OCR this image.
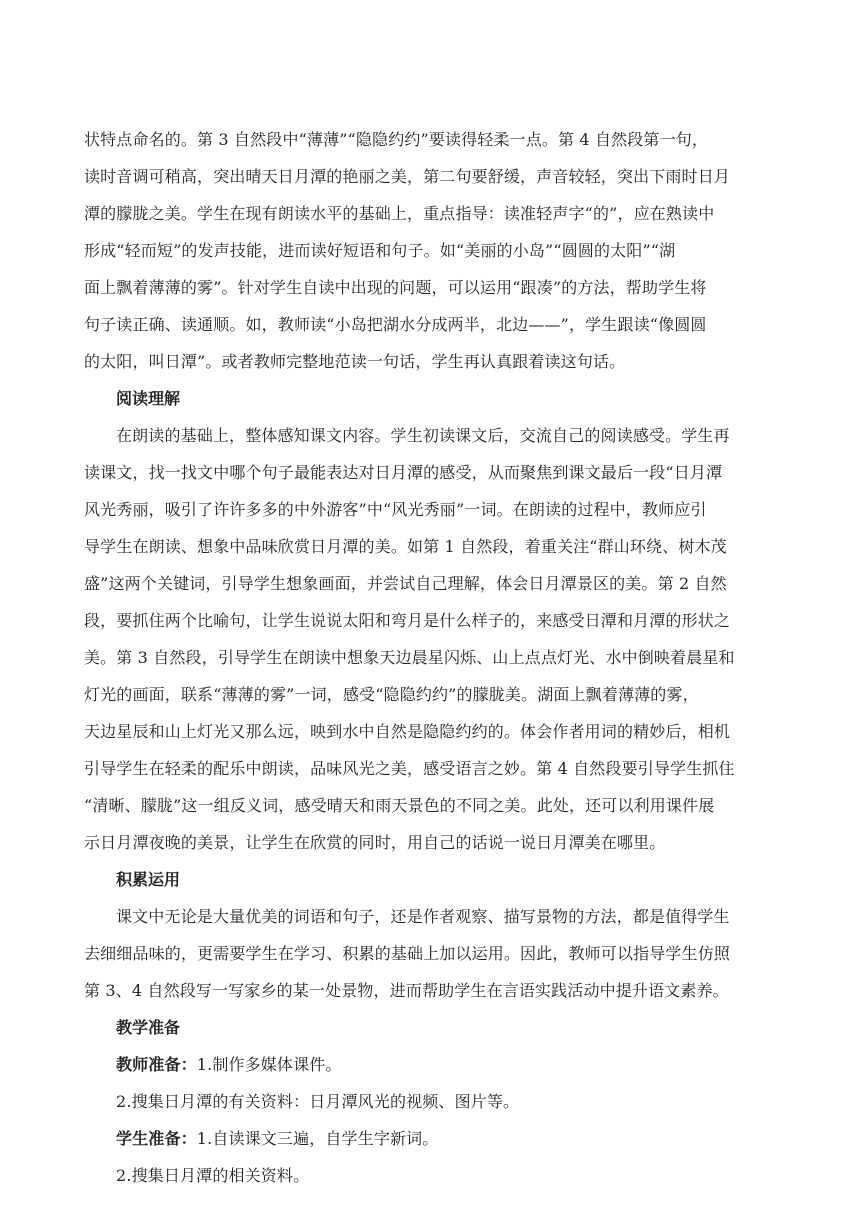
状特点命名的。第 3 自然段中“薄薄”“隐隐约约”要读得轻柔一点。第 4 自然段第一句，
读时音调可稍高，突出晴天日月潭的艳丽之美，第二句要舒缓，声音较轻，突出下雨时日月
潭的朦胧之美。学生在现有朗读水平的基础上，重点指导：读准轻声字“的”，应在熟读中
形成“轻而短”的发声技能，进而读好短语和句子。如“美丽的小岛”“圆圆的太阳”“湖
面上飘着薄薄的雾”。针对学生自读中出现的问题，可以运用“跟凑”的方法，帮助学生将
句子读正确、读通顺。如，教师读“小岛把湖水分成两半，北边——”，学生跟读“像圆圆
的太阳，叫日潭”。或者教师完整地范读一句话，学生再认真跟着读这句话。
阅读理解
在朗读的基础上，整体感知课文内容。学生初读课文后，交流自己的阅读感受。学生再
读课文，找一找文中哪个句子最能表达对日月潭的感受，从而聚焦到课文最后一段“日月潭
风光秀丽，吸引了许许多多的中外游客”中“风光秀丽”一词。在朗读的过程中，教师应引
导学生在朗读、想象中品味欣赏日月潭的美。如第 1 自然段，着重关注“群山环绕、树木茂
盛”这两个关键词，引导学生想象画面，并尝试自己理解，体会日月潭景区的美。第 2 自然
段，要抓住两个比喻句，让学生说说太阳和弯月是什么样子的，来感受日潭和月潭的形状之
美。第 3 自然段，引导学生在朗读中想象天边晨星闪烁、山上点点灯光、水中倒映着晨星和
灯光的画面，联系“薄薄的雾”一词，感受“隐隐约约”的朦胧美。湖面上飘着薄薄的雾，
天边星辰和山上灯光又那么远，映到水中自然是隐隐约约的。体会作者用词的精妙后，相机
引导学生在轻柔的配乐中朗读，品味风光之美，感受语言之妙。第 4 自然段要引导学生抓住
“清晰、朦胧”这一组反义词，感受晴天和雨天景色的不同之美。此处，还可以利用课件展
示日月潭夜晚的美景，让学生在欣赏的同时，用自己的话说一说日月潭美在哪里。
积累运用
课文中无论是大量优美的词语和句子，还是作者观察、描写景物的方法，都是值得学生
去细细品味的，更需要学生在学习、积累的基础上加以运用。因此，教师可以指导学生仿照
第 3、4 自然段写一写家乡的某一处景物，进而帮助学生在言语实践活动中提升语文素养。
教学准备
教师准备：1.制作多媒体课件。
2.搜集日月潭的有关资料：日月潭风光的视频、图片等。
学生准备：1.自读课文三遍，自学生字新词。
2.搜集日月潭的相关资料。
